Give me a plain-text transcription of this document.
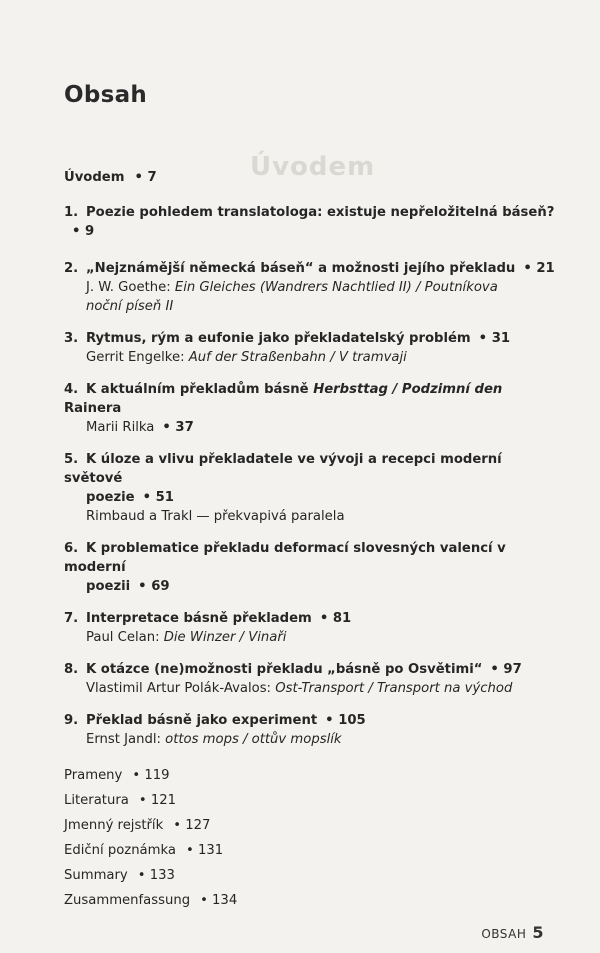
Úvodem
Obsah
Úvodem • 7
1. Poezie pohledem translatologa: existuje nepřeložitelná báseň?• 9
2. „Nejznámější německá báseň“ a možnosti jejího překladu • 21
J. W. Goethe: Ein Gleiches (Wandrers Nachtlied II) / Poutníkova
noční píseň II
3. Rytmus, rým a eufonie jako překladatelský problém • 31
Gerrit Engelke: Auf der Straßenbahn / V tramvaji
4. K aktuálním překladům básně Herbsttag / Podzimní den Rainera
Marii Rilka • 37
5. K úloze a vlivu překladatele ve vývoji a recepci moderní světové
poezie • 51
Rimbaud a Trakl — překvapivá paralela
6. K problematice překladu deformací slovesných valencí v moderní
poezii • 69
7. Interpretace básně překladem • 81
Paul Celan: Die Winzer / Vinaři
8. K otázce (ne)možnosti překladu „básně po Osvětimi“ • 97
Vlastimil Artur Polák-Avalos: Ost-Transport / Transport na východ
9. Překlad básně jako experiment • 105
Ernst Jandl: ottos mops / ottův mopslík
Prameny • 119
Literatura • 121
Jmenný rejstřík • 127
Ediční poznámka • 131
Summary • 133
Zusammenfassung • 134
OBSAH 5
